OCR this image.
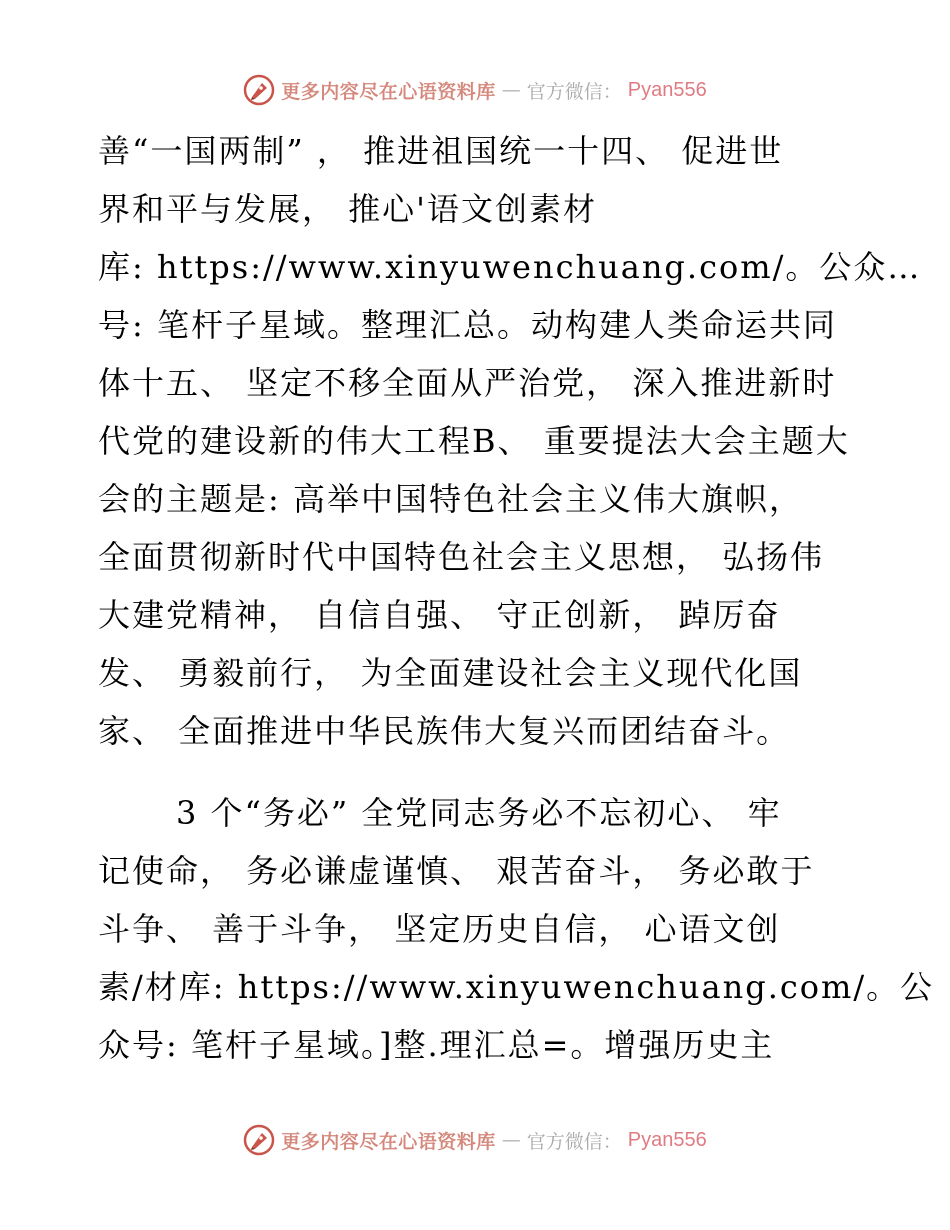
更多内容尽在心语资料库 — 官方微信： Pyan556
善“一国两制” ， 推进祖国统一十四、 促进世
界和平与发展， 推心'语文创素材
库: https://www.xinyuwenchuang.com/。公众…
号: 笔杆子星域。整理汇总。动构建人类命运共同
体十五、 坚定不移全面从严治党， 深入推进新时
代党的建设新的伟大工程B、 重要提法大会主题大
会的主题是: 高举中国特色社会主义伟大旗帜，
全面贯彻新时代中国特色社会主义思想， 弘扬伟
大建党精神， 自信自强、 守正创新， 踔厉奋
发、 勇毅前行， 为全面建设社会主义现代化国
家、 全面推进中华民族伟大复兴而团结奋斗。
3 个“务必” 全党同志务必不忘初心、 牢
记使命， 务必谦虚谨慎、 艰苦奋斗， 务必敢于
斗争、 善于斗争， 坚定历史自信， 心语文创
素/材库: https://www.xinyuwenchuang.com/。公
众号: 笔杆子星域。]整.理汇总=。增强历史主
更多内容尽在心语资料库 — 官方微信： Pyan556
